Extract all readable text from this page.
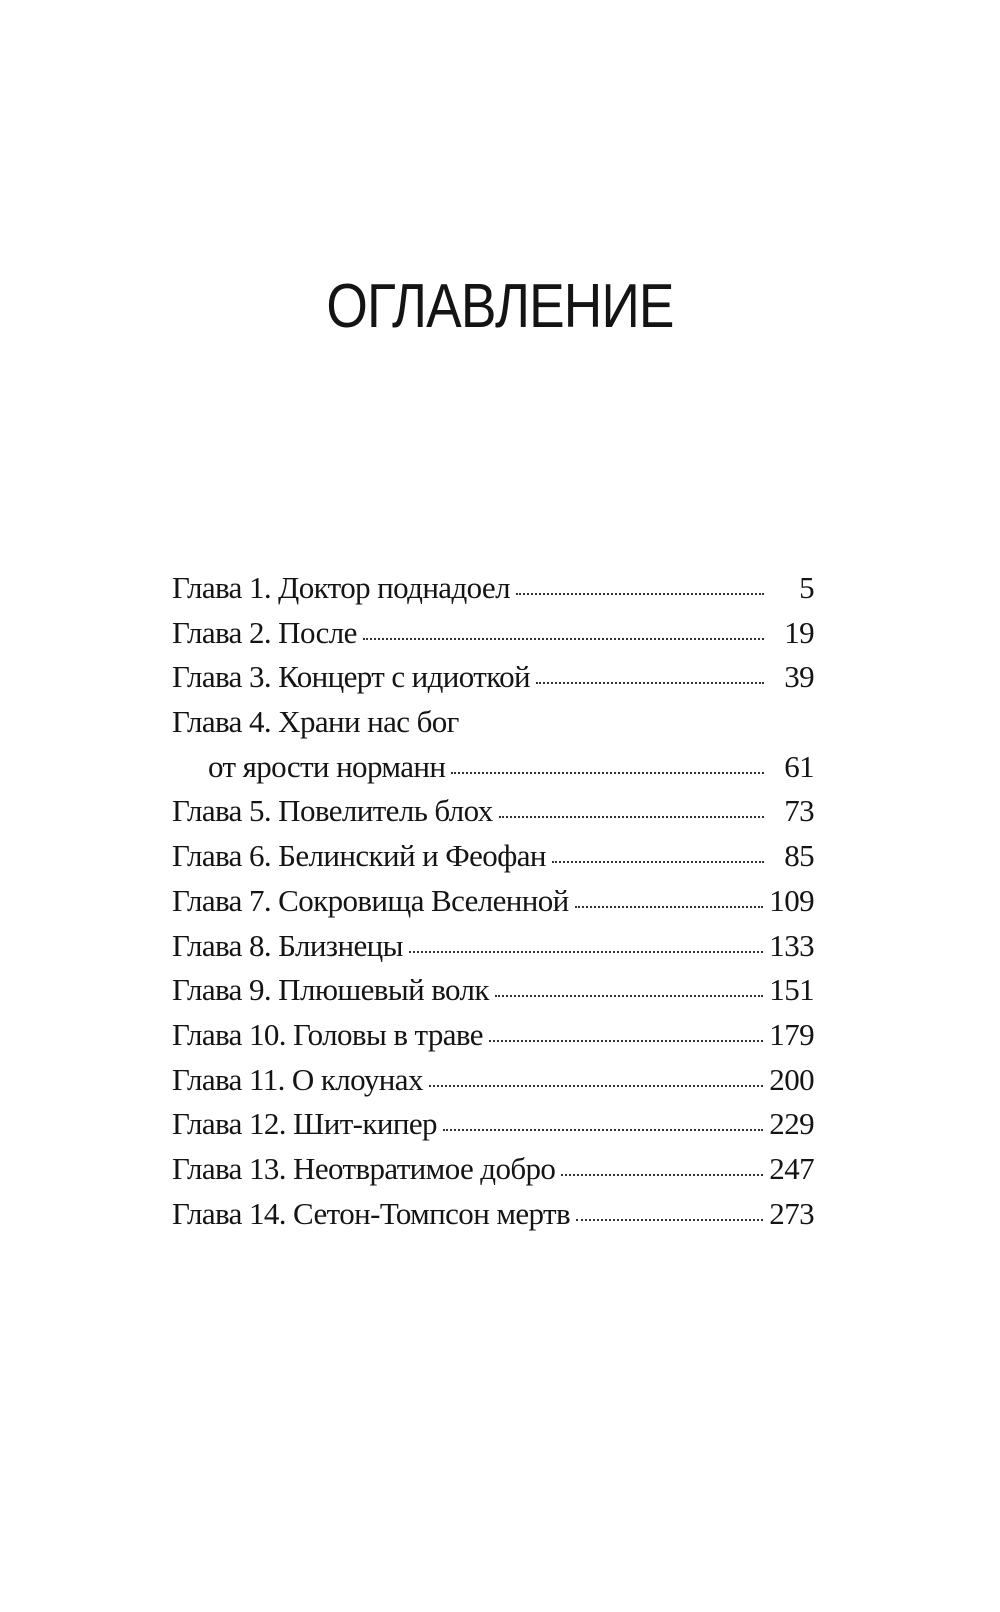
ОГЛАВЛЕНИЕ
Глава 1. Доктор поднадоел	5
Глава 2. После	19
Глава 3. Концерт с идиоткой	39
Глава 4. Храни нас бог
от ярости норманн	61
Глава 5. Повелитель блох	73
Глава 6. Белинский и Феофан	85
Глава 7. Сокровища Вселенной	109
Глава 8. Близнецы	133
Глава 9. Плюшевый волк	151
Глава 10. Головы в траве	179
Глава 11. О клоунах	200
Глава 12. Шит-кипер	229
Глава 13. Неотвратимое добро	247
Глава 14. Сетон-Томпсон мертв	273
